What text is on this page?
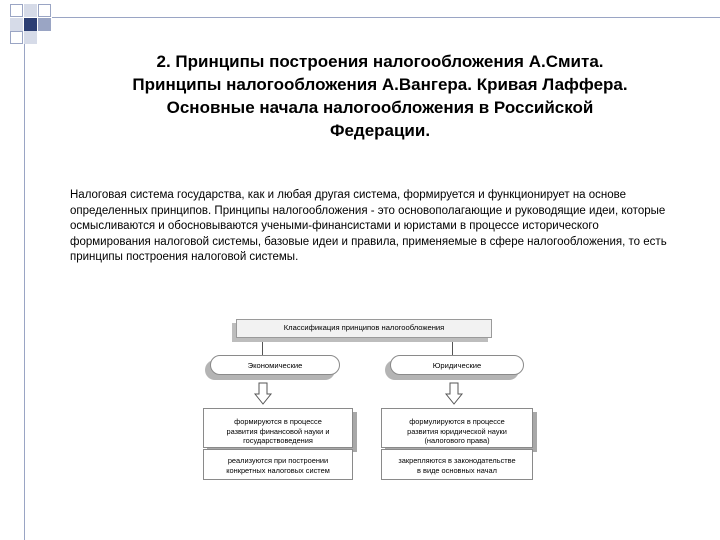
2. Принципы построения налогообложения А.Смита.
Принципы налогообложения А.Вангера. Кривая Лаффера.
Основные начала налогообложения в Российской
Федерации.

Налоговая система государства, как и любая другая система, формируется и функционирует на основе определенных принципов. Принципы налогообложения - это основополагающие и руководящие идеи, которые осмысливаются и обосновываются учеными-финансистами и юристами в процессе исторического формирования налоговой системы, базовые идеи и правила, применяемые в сфере налогообложения, то есть принципы построения налоговой системы.

Классификация принципов налогообложения
Экономические	Юридические
формируются в процессе
развития финансовой науки и
государствоведения
реализуются при построении
конкретных налоговых систем
формулируются в процессе
развития юридической науки
(налогового права)
закрепляются в законодательстве
в виде основных начал
